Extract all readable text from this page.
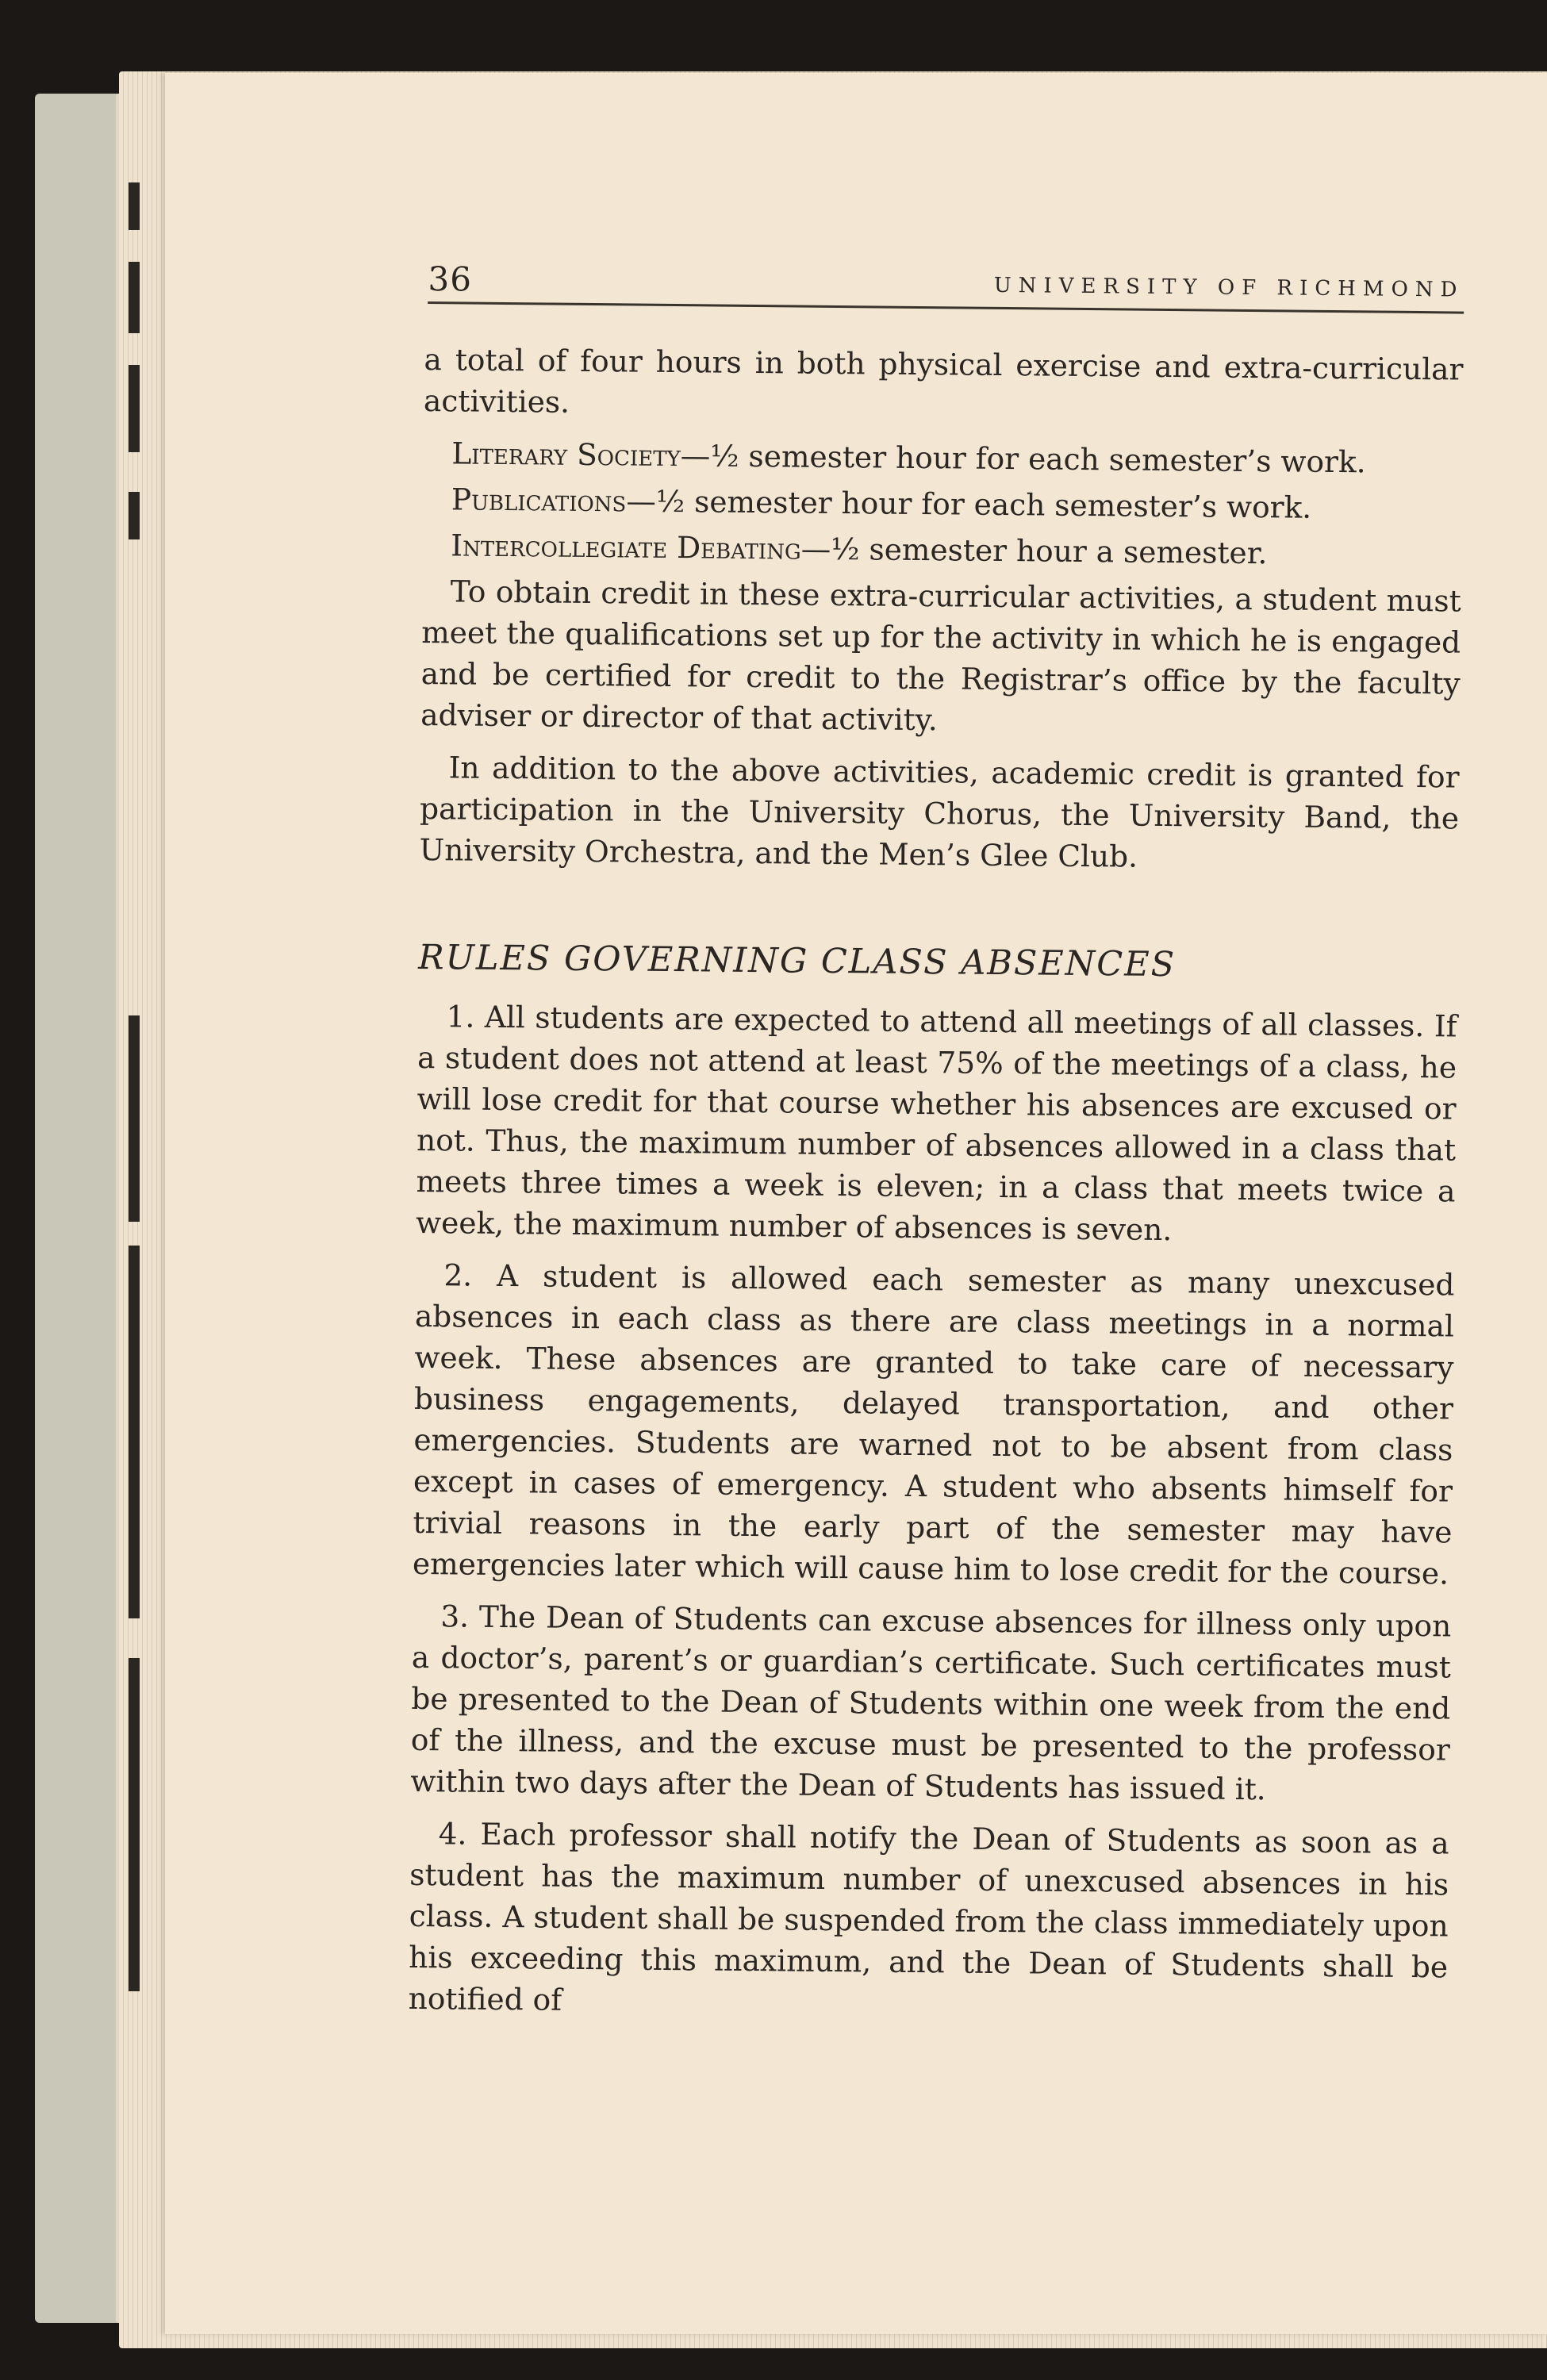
36	UNIVERSITY OF RICHMOND

a total of four hours in both physical exercise and extra-curricular activities.

Literary Society—½ semester hour for each semester’s work.

Publications—½ semester hour for each semester’s work.

Intercollegiate Debating—½ semester hour a semester.

To obtain credit in these extra-curricular activities, a student must meet the qualifications set up for the activity in which he is engaged and be certified for credit to the Registrar’s office by the faculty adviser or director of that activity.

In addition to the above activities, academic credit is granted for participation in the University Chorus, the University Band, the University Orchestra, and the Men’s Glee Club.

RULES GOVERNING CLASS ABSENCES

1. All students are expected to attend all meetings of all classes. If a student does not attend at least 75% of the meetings of a class, he will lose credit for that course whether his absences are excused or not. Thus, the maximum number of absences allowed in a class that meets three times a week is eleven; in a class that meets twice a week, the maximum number of absences is seven.

2. A student is allowed each semester as many unexcused absences in each class as there are class meetings in a normal week. These absences are granted to take care of necessary business engagements, delayed transportation, and other emergencies. Students are warned not to be absent from class except in cases of emergency. A student who absents himself for trivial reasons in the early part of the semester may have emergencies later which will cause him to lose credit for the course.

3. The Dean of Students can excuse absences for illness only upon a doctor’s, parent’s or guardian’s certificate. Such certificates must be presented to the Dean of Students within one week from the end of the illness, and the excuse must be presented to the professor within two days after the Dean of Students has issued it.

4. Each professor shall notify the Dean of Students as soon as a student has the maximum number of unexcused absences in his class. A student shall be suspended from the class immediately upon his exceeding this maximum, and the Dean of Students shall be notified of
